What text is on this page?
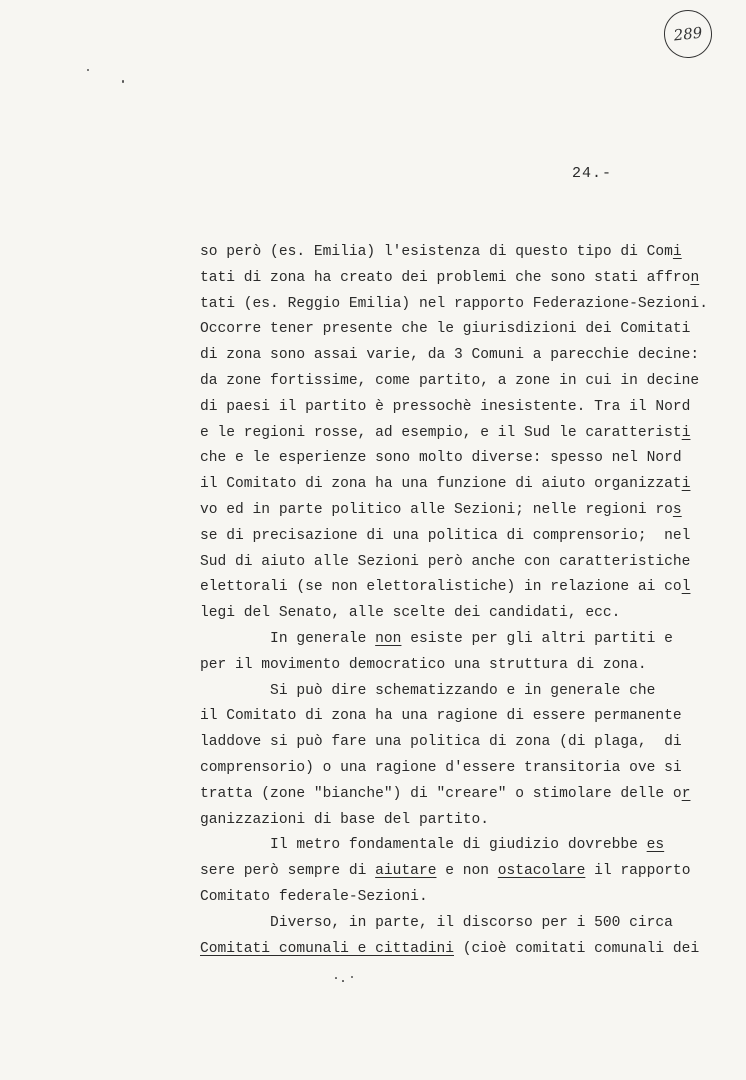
289
24.-
so però (es. Emilia) l'esistenza di questo tipo di Comi
tati di zona ha creato dei problemi che sono stati affron
tati (es. Reggio Emilia) nel rapporto Federazione-Sezioni.
Occorre tener presente che le giurisdizioni dei Comitati
di zona sono assai varie, da 3 Comuni a parecchie decine:
da zone fortissime, come partito, a zone in cui in decine
di paesi il partito è pressochè inesistente. Tra il Nord
e le regioni rosse, ad esempio, e il Sud le caratteristi
che e le esperienze sono molto diverse: spesso nel Nord
il Comitato di zona ha una funzione di aiuto organizzati
vo ed in parte politico alle Sezioni; nelle regioni ros
se di precisazione di una politica di comprensorio;  nel
Sud di aiuto alle Sezioni però anche con caratteristiche
elettorali (se non elettoralistiche) in relazione ai col
legi del Senato, alle scelte dei candidati, ecc.
In generale non esiste per gli altri partiti e
per il movimento democratico una struttura di zona.
Si può dire schematizzando e in generale che
il Comitato di zona ha una ragione di essere permanente
laddove si può fare una politica di zona (di plaga,  di
comprensorio) o una ragione d'essere transitoria ove si
tratta (zone "bianche") di "creare" o stimolare delle or
ganizzazioni di base del partito.
Il metro fondamentale di giudizio dovrebbe es
sere però sempre di aiutare e non ostacolare il rapporto
Comitato federale-Sezioni.
Diverso, in parte, il discorso per i 500 circa
Comitati comunali e cittadini (cioè comitati comunali dei
